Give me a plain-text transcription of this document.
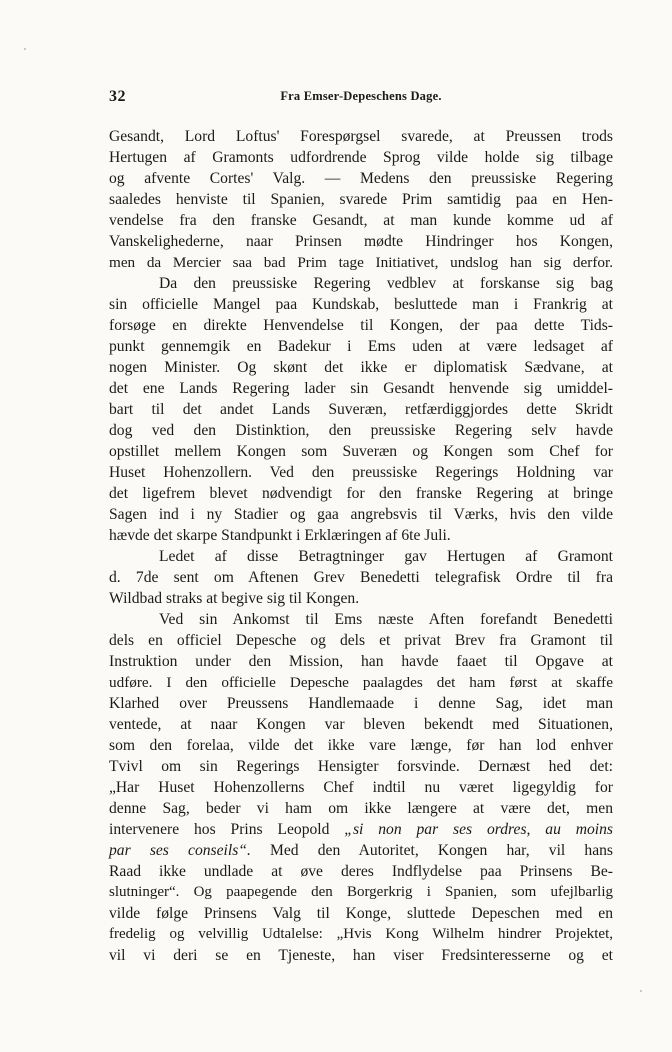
32	Fra Emser-Depeschens Dage.
Gesandt, Lord Loftus' Forespørgsel svarede, at Preussen trods
Hertugen af Gramonts udfordrende Sprog vilde holde sig tilbage
og afvente Cortes' Valg. — Medens den preussiske Regering
saaledes henviste til Spanien, svarede Prim samtidig paa en Hen-
vendelse fra den franske Gesandt, at man kunde komme ud af
Vanskelighederne, naar Prinsen mødte Hindringer hos Kongen,
men da Mercier saa bad Prim tage Initiativet, undslog han sig derfor.
Da den preussiske Regering vedblev at forskanse sig bag
sin officielle Mangel paa Kundskab, besluttede man i Frankrig at
forsøge en direkte Henvendelse til Kongen, der paa dette Tids-
punkt gennemgik en Badekur i Ems uden at være ledsaget af
nogen Minister. Og skønt det ikke er diplomatisk Sædvane, at
det ene Lands Regering lader sin Gesandt henvende sig umiddel-
bart til det andet Lands Suveræn, retfærdiggjordes dette Skridt
dog ved den Distinktion, den preussiske Regering selv havde
opstillet mellem Kongen som Suveræn og Kongen som Chef for
Huset Hohenzollern. Ved den preussiske Regerings Holdning var
det ligefrem blevet nødvendigt for den franske Regering at bringe
Sagen ind i ny Stadier og gaa angrebsvis til Værks, hvis den vilde
hævde det skarpe Standpunkt i Erklæringen af 6te Juli.
Ledet af disse Betragtninger gav Hertugen af Gramont
d. 7de sent om Aftenen Grev Benedetti telegrafisk Ordre til fra
Wildbad straks at begive sig til Kongen.
Ved sin Ankomst til Ems næste Aften forefandt Benedetti
dels en officiel Depesche og dels et privat Brev fra Gramont til
Instruktion under den Mission, han havde faaet til Opgave at
udføre. I den officielle Depesche paalagdes det ham først at skaffe
Klarhed over Preussens Handlemaade i denne Sag, idet man
ventede, at naar Kongen var bleven bekendt med Situationen,
som den forelaa, vilde det ikke vare længe, før han lod enhver
Tvivl om sin Regerings Hensigter forsvinde. Dernæst hed det:
„Har Huset Hohenzollerns Chef indtil nu været ligegyldig for
denne Sag, beder vi ham om ikke længere at være det, men
intervenere hos Prins Leopold „si non par ses ordres, au moins
par ses conseils“. Med den Autoritet, Kongen har, vil hans
Raad ikke undlade at øve deres Indflydelse paa Prinsens Be-
slutninger“. Og paapegende den Borgerkrig i Spanien, som ufejlbarlig
vilde følge Prinsens Valg til Konge, sluttede Depeschen med en
fredelig og velvillig Udtalelse: „Hvis Kong Wilhelm hindrer Projektet,
vil vi deri se en Tjeneste, han viser Fredsinteresserne og et
